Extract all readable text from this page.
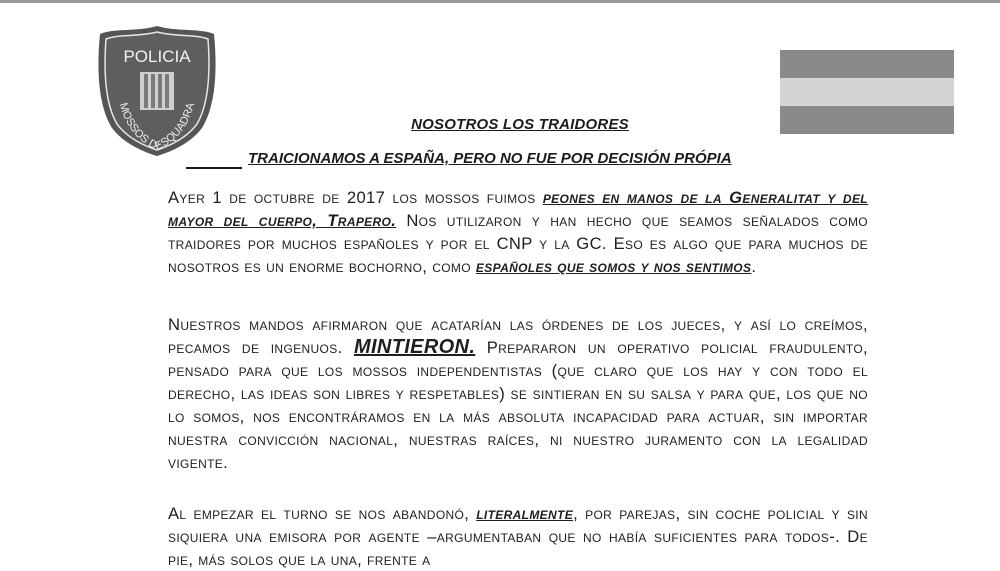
POLICIA
MOSSOS D'ESQUADRA
NOSOTROS LOS TRAIDORES
TRAICIONAMOS A ESPAÑA, PERO NO FUE POR DECISIÓN PRÓPIA
Ayer 1 de octubre de 2017 los mossos fuimos peones en manos de la Generalitat y del mayor del cuerpo, Trapero. Nos utilizaron y han hecho que seamos señalados como traidores por muchos españoles y por el CNP y la GC. Eso es algo que para muchos de nosotros es un enorme bochorno, como españoles que somos y nos sentimos.
Nuestros mandos afirmaron que acatarían las órdenes de los jueces, y así lo creímos, pecamos de ingenuos. MINTIERON. Prepararon un operativo policial fraudulento, pensado para que los mossos independentistas (que claro que los hay y con todo el derecho, las ideas son libres y respetables) se sintieran en su salsa y para que, los que no lo somos, nos encontráramos en la más absoluta incapacidad para actuar, sin importar nuestra convicción nacional, nuestras raíces, ni nuestro juramento con la legalidad vigente.
Al empezar el turno se nos abandonó, literalmente, por parejas, sin coche policial y sin siquiera una emisora por agente –argumentaban que no había suficientes para todos-. De pie, más solos que la una, frente a
